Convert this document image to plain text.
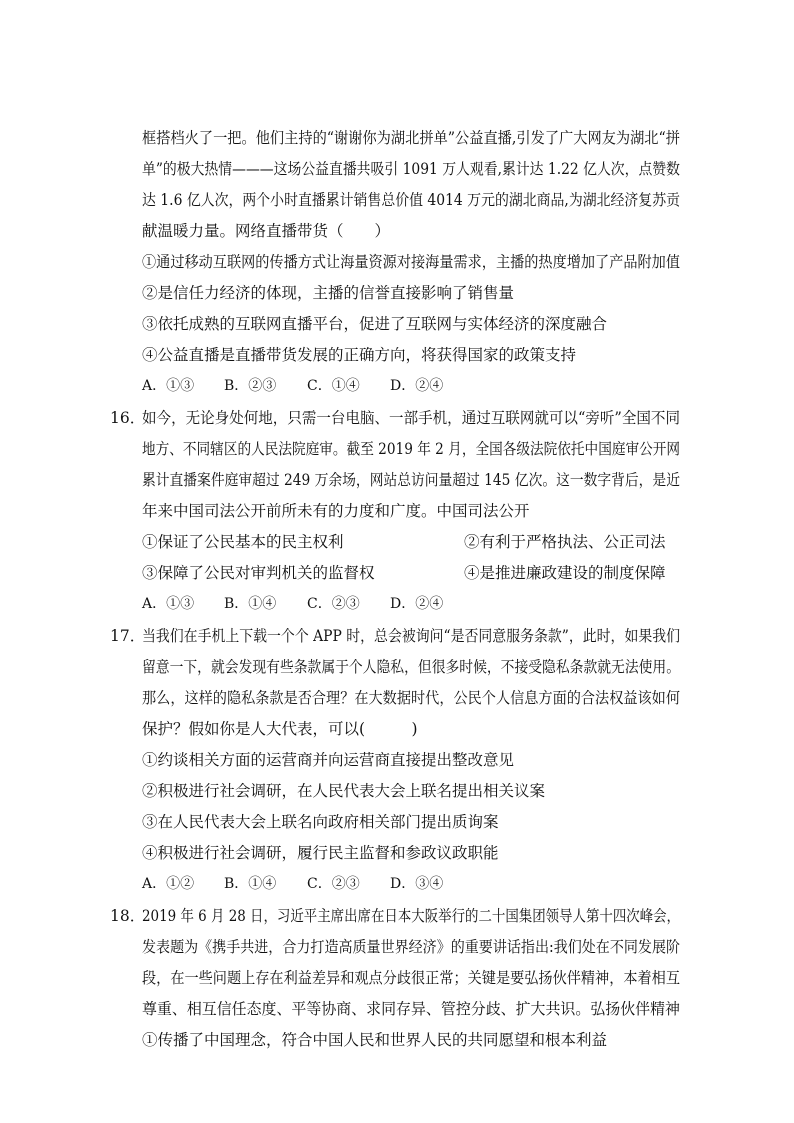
框搭档火了一把。他们主持的“谢谢你为湖北拼单”公益直播,引发了广大网友为湖北“拼
单”的极大热情———这场公益直播共吸引 1091 万人观看,累计达 1.22 亿人次，点赞数
达 1.6 亿人次，两个小时直播累计销售总价值 4014 万元的湖北商品,为湖北经济复苏贡
献温暖力量。网络直播带货（　　）
①通过移动互联网的传播方式让海量资源对接海量需求，主播的热度增加了产品附加值
②是信任力经济的体现，主播的信誉直接影响了销售量
③依托成熟的互联网直播平台，促进了互联网与实体经济的深度融合
④公益直播是直播带货发展的正确方向，将获得国家的政策支持
A．①③ B．②③ C．①④ D．②④
16．
如今，无论身处何地，只需一台电脑、一部手机，通过互联网就可以“旁听”全国不同
地方、不同辖区的人民法院庭审。截至 2019 年 2 月，全国各级法院依托中国庭审公开网
累计直播案件庭审超过 249 万余场，网站总访问量超过 145 亿次。这一数字背后，是近
年来中国司法公开前所未有的力度和广度。中国司法公开
①保证了公民基本的民主权利	②有利于严格执法、公正司法
③保障了公民对审判机关的监督权	④是推进廉政建设的制度保障
A．①③ B．①④ C．②③ D．②④
17．
当我们在手机上下载一个个 APP 时，总会被询问“是否同意服务条款”，此时，如果我们
留意一下，就会发现有些条款属于个人隐私，但很多时候，不接受隐私条款就无法使用。
那么，这样的隐私条款是否合理？在大数据时代，公民个人信息方面的合法权益该如何
保护？假如你是人大代表，可以(　　　)
①约谈相关方面的运营商并向运营商直接提出整改意见
②积极进行社会调研，在人民代表大会上联名提出相关议案
③在人民代表大会上联名向政府相关部门提出质询案
④积极进行社会调研，履行民主监督和参政议政职能
A．①② B．①④ C．②③ D．③④
18．
2019 年 6 月 28 日，习近平主席出席在日本大阪举行的二十国集团领导人第十四次峰会，
发表题为《携手共进，合力打造高质量世界经济》的重要讲话指出:我们处在不同发展阶
段，在一些问题上存在利益差异和观点分歧很正常；关键是要弘扬伙伴精神，本着相互
尊重、相互信任态度、平等协商、求同存异、管控分歧、扩大共识。弘扬伙伴精神
①传播了中国理念，符合中国人民和世界人民的共同愿望和根本利益
